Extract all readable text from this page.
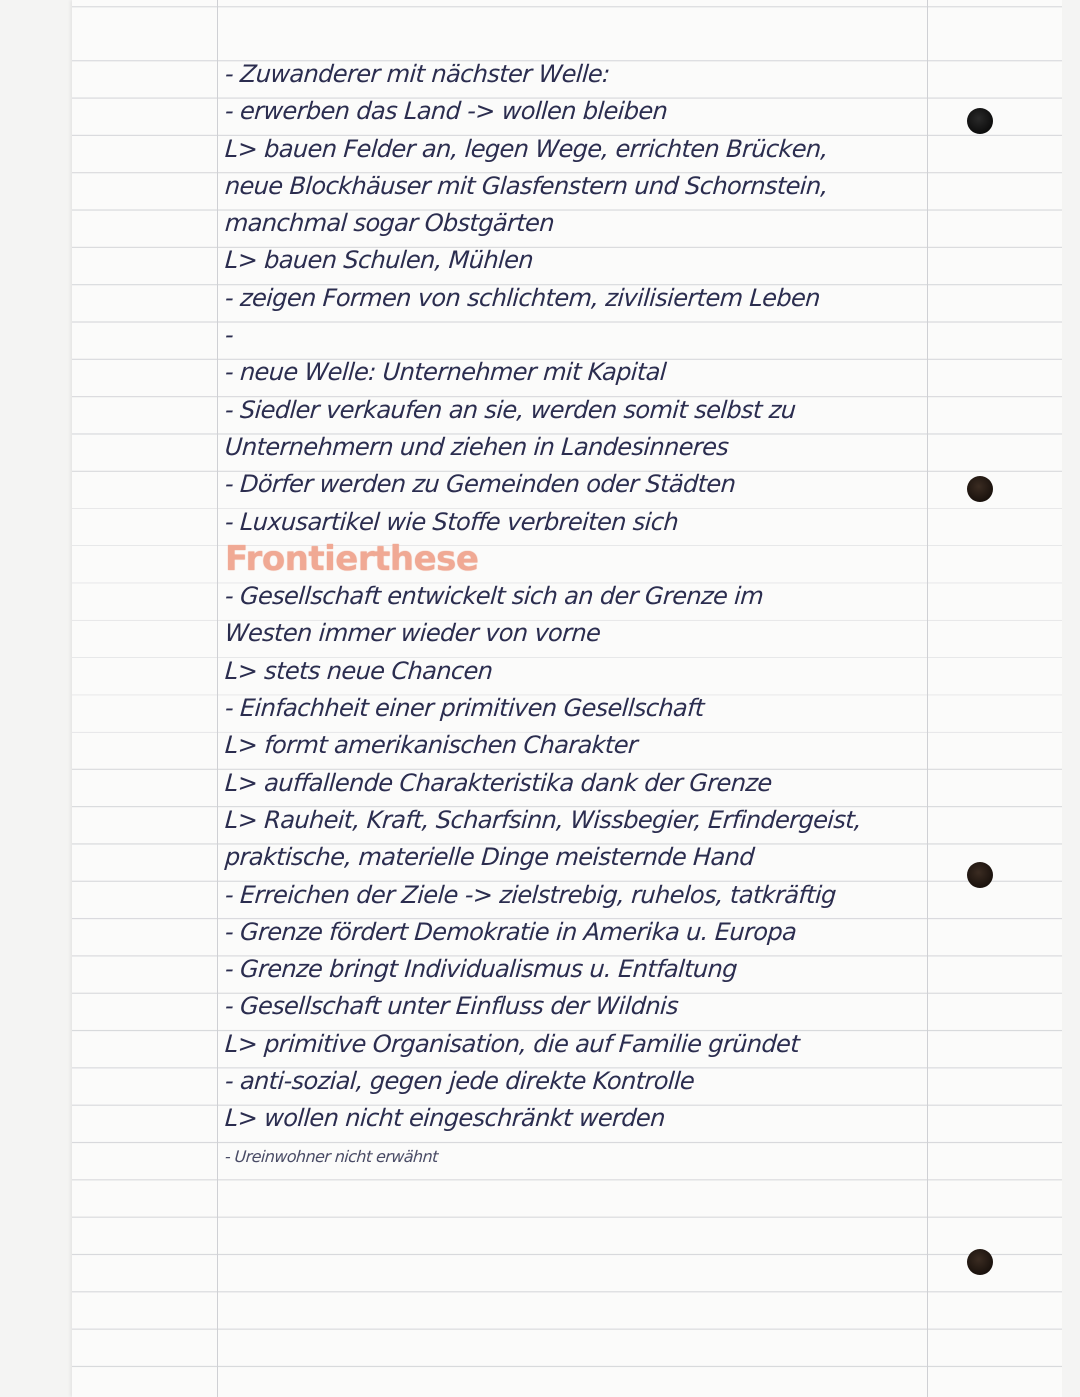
- Zuwanderer mit nächster Welle:
- erwerben das Land -> wollen bleiben
L> bauen Felder an, legen Wege, errichten Brücken,
neue Blockhäuser mit Glasfenstern und Schornstein,
manchmal sogar Obstgärten
L> bauen Schulen, Mühlen
- zeigen Formen von schlichtem, zivilisiertem Leben
-
- neue Welle: Unternehmer mit Kapital
- Siedler verkaufen an sie, werden somit selbst zu
Unternehmern und ziehen in Landesinneres
- Dörfer werden zu Gemeinden oder Städten
- Luxusartikel wie Stoffe verbreiten sich
Frontierthese
- Gesellschaft entwickelt sich an der Grenze im
Westen immer wieder von vorne
L> stets neue Chancen
- Einfachheit einer primitiven Gesellschaft
L> formt amerikanischen Charakter
L> auffallende Charakteristika dank der Grenze
L> Rauheit, Kraft, Scharfsinn, Wissbegier, Erfindergeist,
praktische, materielle Dinge meisternde Hand
- Erreichen der Ziele -> zielstrebig, ruhelos, tatkräftig
- Grenze fördert Demokratie in Amerika u. Europa
- Grenze bringt Individualismus u. Entfaltung
- Gesellschaft unter Einfluss der Wildnis
L> primitive Organisation, die auf Familie gründet
- anti-sozial, gegen jede direkte Kontrolle
L> wollen nicht eingeschränkt werden
- Ureinwohner nicht erwähnt
